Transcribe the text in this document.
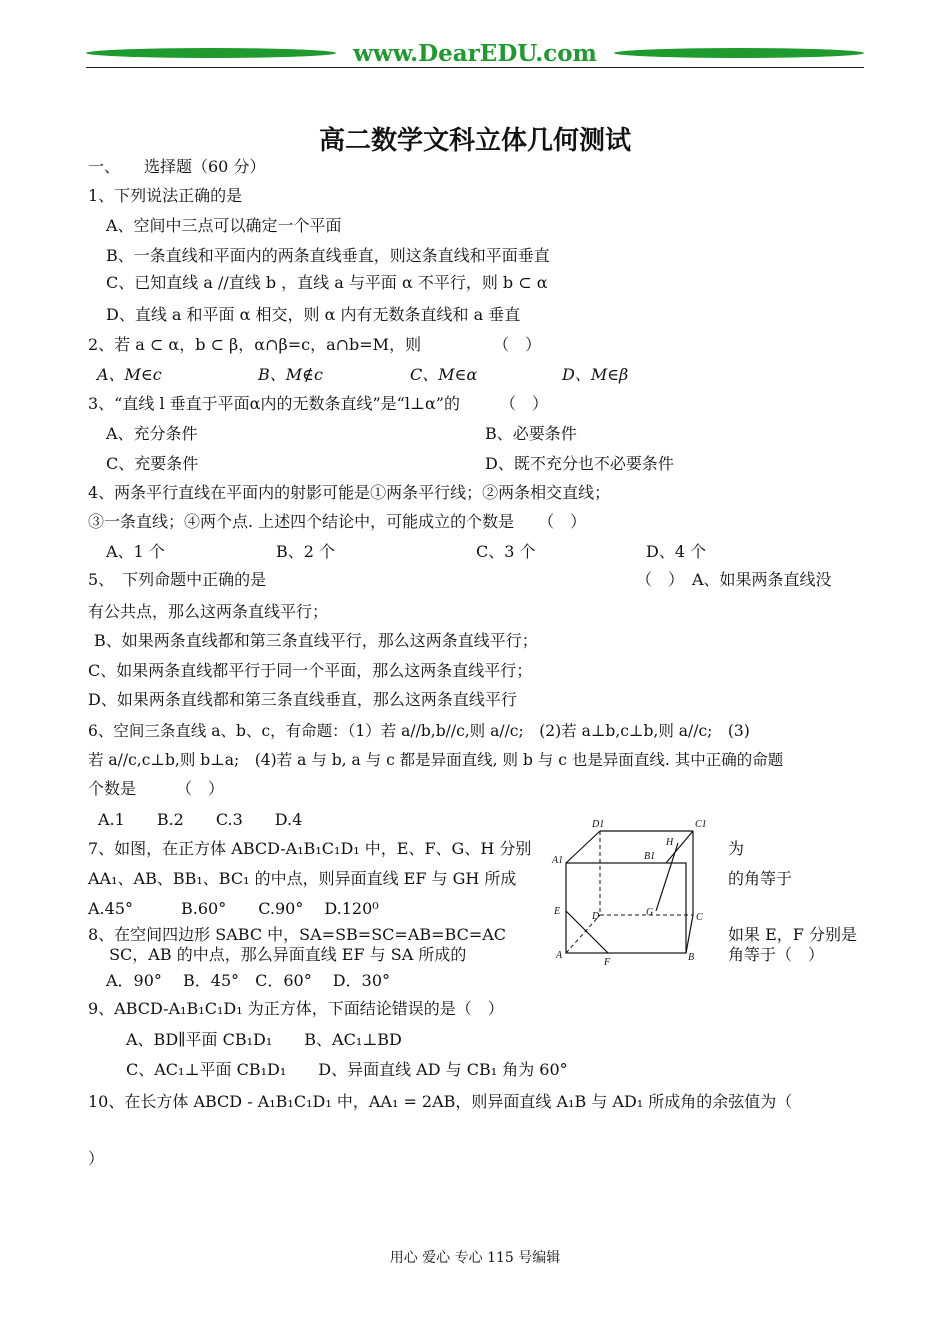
www.DearEDU.com
高二数学文科立体几何测试
一、　　选择题（60 分）
1、下列说法正确的是
A、空间中三点可以确定一个平面
B、一条直线和平面内的两条直线垂直，则这条直线和平面垂直
C、已知直线 a //直线 b ，直线 a 与平面 α 不平行，则 b ⊂ α
D、直线 a 和平面 α 相交，则 α 内有无数条直线和 a 垂直
2、若 a ⊂ α，b ⊂ β，α∩β=c，a∩b=M，则　　　　　（　）
A、M∈c	B、M∉c	C、M∈α	D、M∈β
3、“直线 l 垂直于平面α内的无数条直线”是“l⊥α”的　　　（　）
A、充分条件	B、必要条件
C、充要条件	D、既不充分也不必要条件
4、两条平行直线在平面内的射影可能是①两条平行线；②两条相交直线；
③一条直线；④两个点. 上述四个结论中，可能成立的个数是　　（　）
A、1 个	B、2 个	C、3 个	D、4 个
5、　下列命题中正确的是	（　）　A、如果两条直线没
有公共点，那么这两条直线平行；
B、如果两条直线都和第三条直线平行，那么这两条直线平行；
C、如果两条直线都平行于同一个平面，那么这两条直线平行；
D、如果两条直线都和第三条直线垂直，那么这两条直线平行
6、空间三条直线 a、b、c，有命题：（1）若 a//b,b//c,则 a//c;　(2)若 a⊥b,c⊥b,则 a//c;　(3)
若 a//c,c⊥b,则 b⊥a;　(4)若 a 与 b, a 与 c 都是异面直线, 则 b 与 c 也是异面直线. 其中正确的命题
个数是　　　（　）
A.1　　B.2　　C.3　　D.4
7、如图，在正方体 ABCD-A₁B₁C₁D₁ 中，E、F、G、H 分别	为
AA₁、AB、BB₁、BC₁ 的中点，则异面直线 EF 与 GH 所成	的角等于
A.45°　　　B.60°　　C.90°　 D.120⁰
8、在空间四边形 SABC 中，SA=SB=SC=AB=BC=AC	如果 E，F 分别是
　 SC，AB 的中点，那么异面直线 EF 与 SA 所成的	角等于（　）
A．90°　 B．45°　C．60°　 D．30°
D1	C1
H
A1	B1
E	D	G	C
A
F	B
9、ABCD-A₁B₁C₁D₁ 为正方体，下面结论错误的是（　）
A、BD∥平面 CB₁D₁　　B、AC₁⊥BD
C、AC₁⊥平面 CB₁D₁　　D、异面直线 AD 与 CB₁ 角为 60°
10、在长方体 ABCD - A₁B₁C₁D₁ 中，AA₁ = 2AB，则异面直线 A₁B 与 AD₁ 所成角的余弦值为（
）
用心 爱心 专心 115 号编辑
